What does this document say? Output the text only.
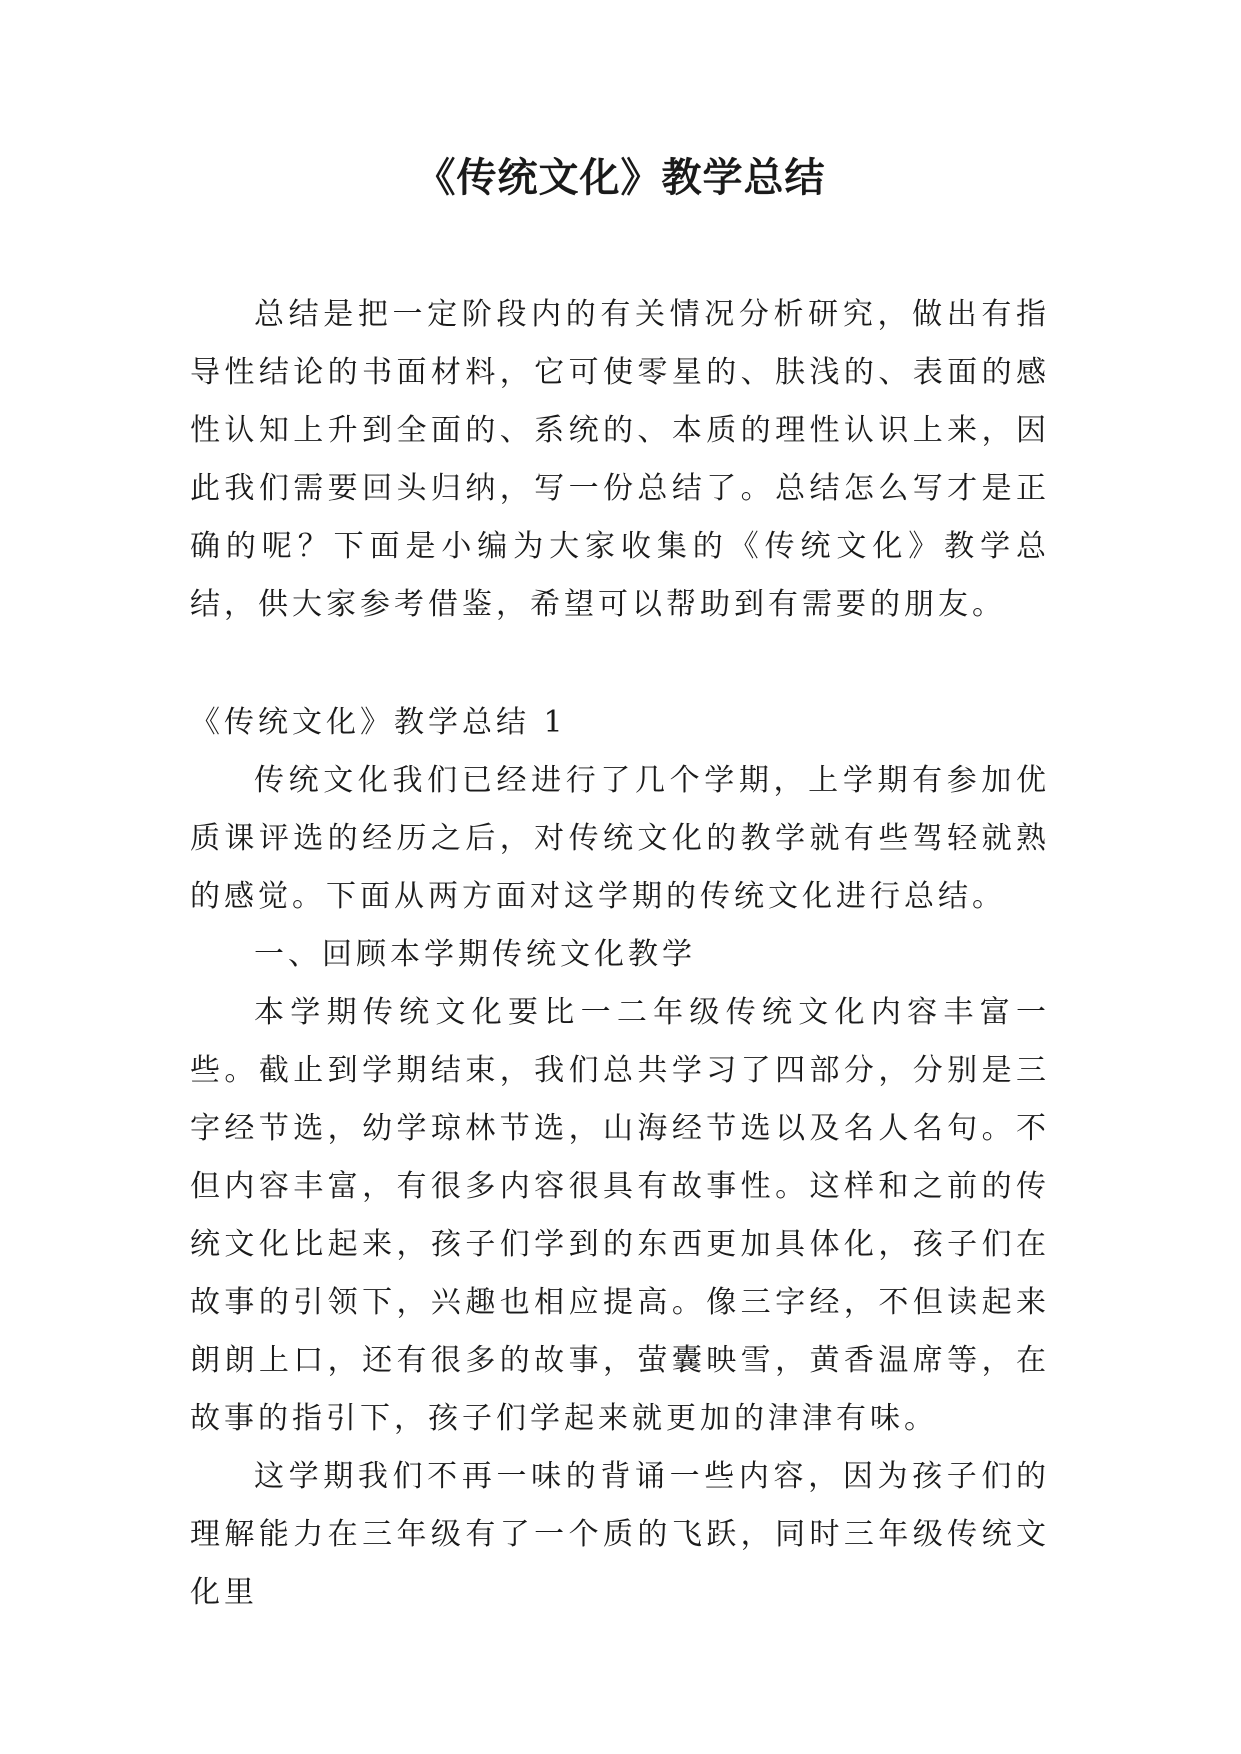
《传统文化》教学总结

总结是把一定阶段内的有关情况分析研究，做出有指导性结论的书面材料，它可使零星的、肤浅的、表面的感性认知上升到全面的、系统的、本质的理性认识上来，因此我们需要回头归纳，写一份总结了。总结怎么写才是正确的呢？下面是小编为大家收集的《传统文化》教学总结，供大家参考借鉴，希望可以帮助到有需要的朋友。

《传统文化》教学总结 1

传统文化我们已经进行了几个学期，上学期有参加优质课评选的经历之后，对传统文化的教学就有些驾轻就熟的感觉。下面从两方面对这学期的传统文化进行总结。

一、回顾本学期传统文化教学

本学期传统文化要比一二年级传统文化内容丰富一些。截止到学期结束，我们总共学习了四部分，分别是三字经节选，幼学琼林节选，山海经节选以及名人名句。不但内容丰富，有很多内容很具有故事性。这样和之前的传统文化比起来，孩子们学到的东西更加具体化，孩子们在故事的引领下，兴趣也相应提高。像三字经，不但读起来朗朗上口，还有很多的故事，萤囊映雪，黄香温席等，在故事的指引下，孩子们学起来就更加的津津有味。

这学期我们不再一味的背诵一些内容，因为孩子们的理解能力在三年级有了一个质的飞跃，同时三年级传统文化里
